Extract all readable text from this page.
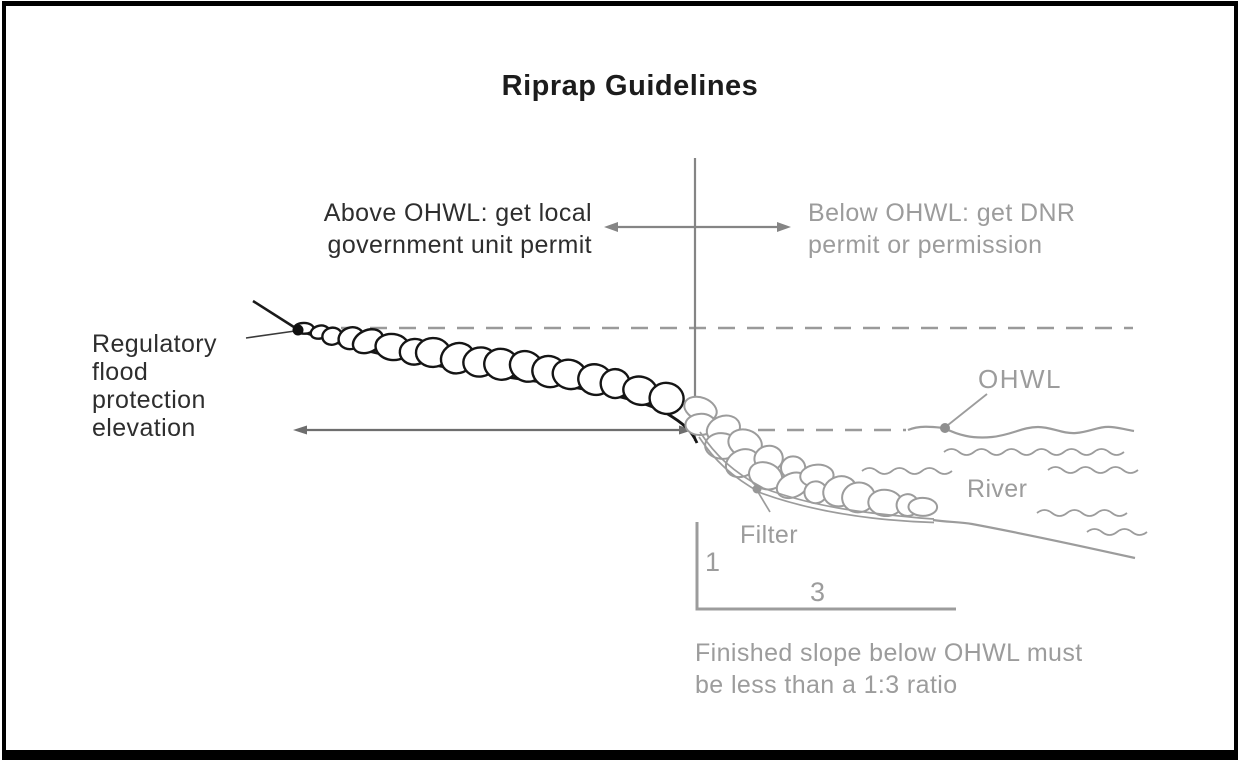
Riprap Guidelines
Above OHWL: get local
government unit permit
Below OHWL: get DNR
permit or permission
Regulatory
flood
protection
elevation
OHWL
River
Filter
1
3
Finished slope below OHWL must
be less than a 1:3 ratio
